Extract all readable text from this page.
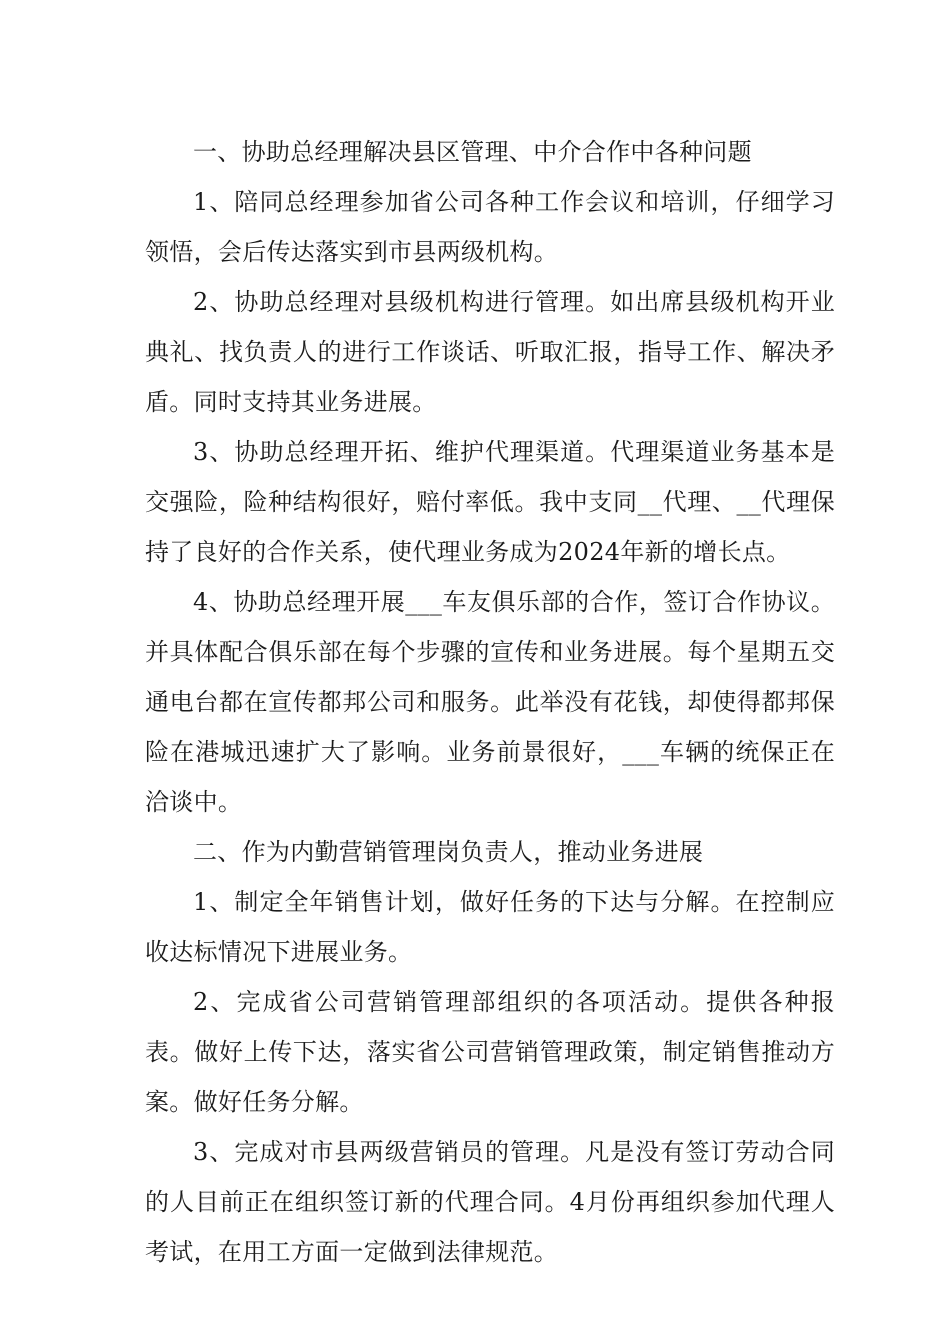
一、协助总经理解决县区管理、中介合作中各种问题

1、陪同总经理参加省公司各种工作会议和培训，仔细学习领悟，会后传达落实到市县两级机构。

2、协助总经理对县级机构进行管理。如出席县级机构开业典礼、找负责人的进行工作谈话、听取汇报，指导工作、解决矛盾。同时支持其业务进展。

3、协助总经理开拓、维护代理渠道。代理渠道业务基本是交强险，险种结构很好，赔付率低。我中支同__代理、__代理保持了良好的合作关系，使代理业务成为2024年新的增长点。

4、协助总经理开展___车友俱乐部的合作，签订合作协议。并具体配合俱乐部在每个步骤的宣传和业务进展。每个星期五交通电台都在宣传都邦公司和服务。此举没有花钱，却使得都邦保险在港城迅速扩大了影响。业务前景很好，___车辆的统保正在洽谈中。

二、作为内勤营销管理岗负责人，推动业务进展

1、制定全年销售计划，做好任务的下达与分解。在控制应收达标情况下进展业务。

2、完成省公司营销管理部组织的各项活动。提供各种报表。做好上传下达，落实省公司营销管理政策，制定销售推动方案。做好任务分解。

3、完成对市县两级营销员的管理。凡是没有签订劳动合同的人目前正在组织签订新的代理合同。4月份再组织参加代理人考试，在用工方面一定做到法律规范。
